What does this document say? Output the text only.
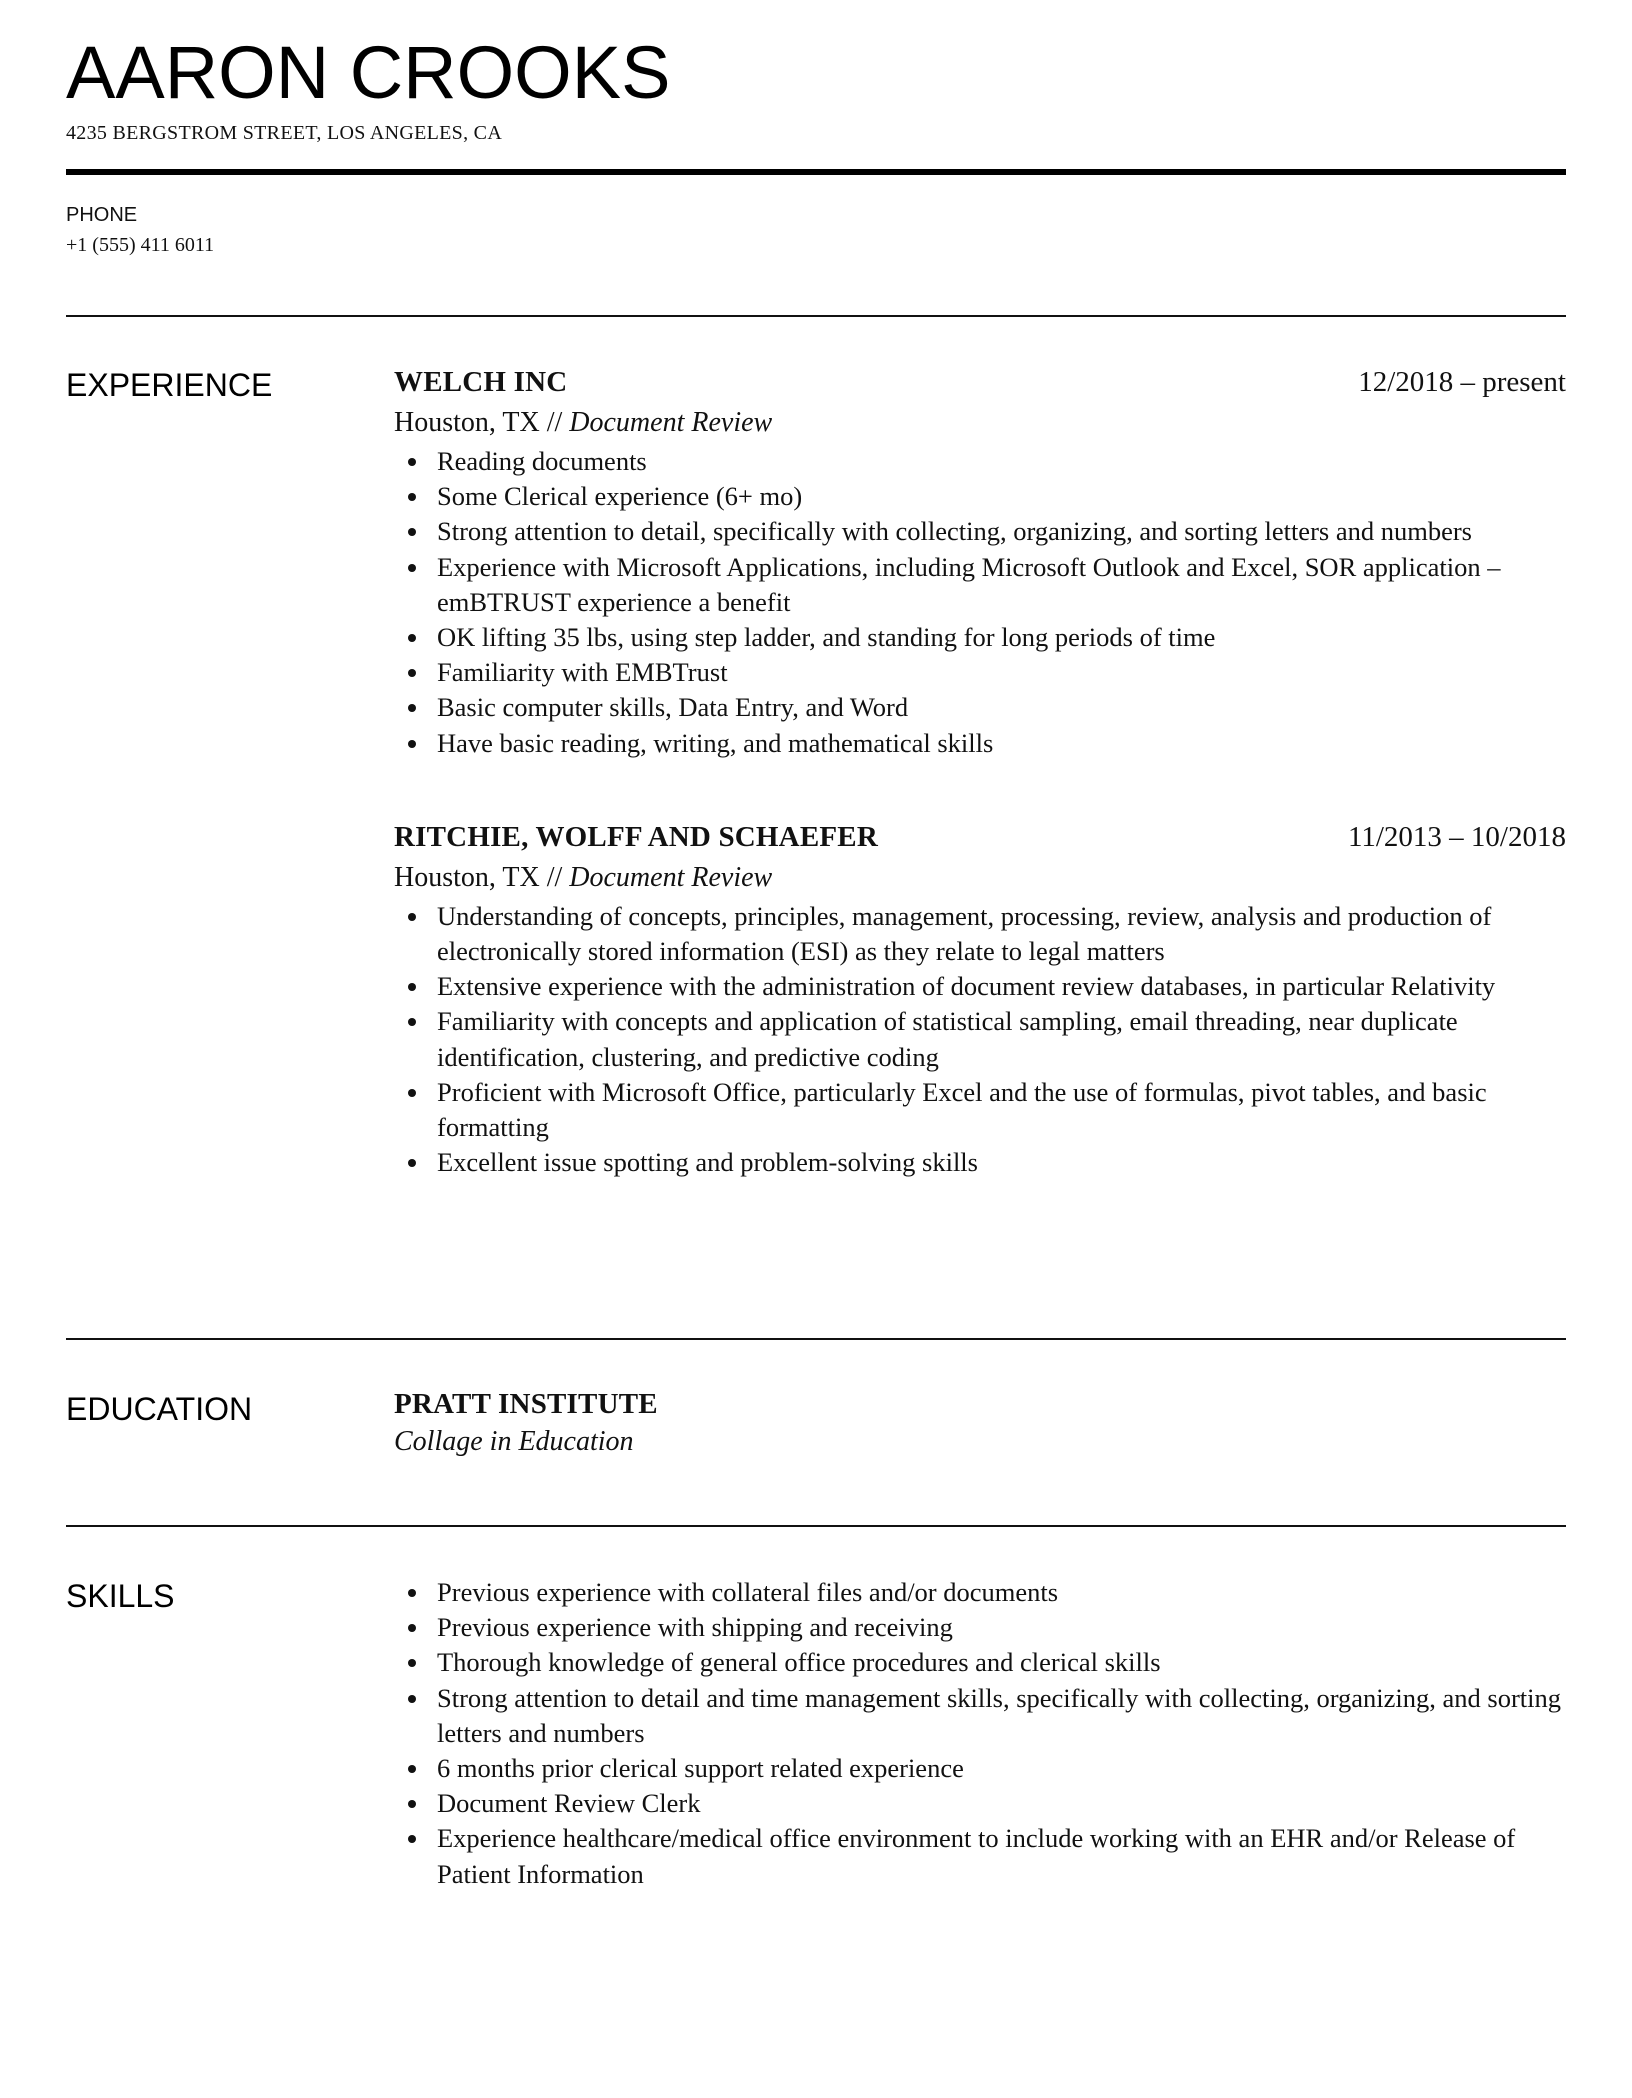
AARON CROOKS
4235 BERGSTROM STREET, LOS ANGELES, CA
PHONE
+1 (555) 411 6011
EXPERIENCE	WELCH INC	12/2018 – present
Houston, TX // Document Review
Reading documents
Some Clerical experience (6+ mo)
Strong attention to detail, specifically with collecting, organizing, and sorting letters and numbers
Experience with Microsoft Applications, including Microsoft Outlook and Excel, SOR application – emBTRUST experience a benefit
OK lifting 35 lbs, using step ladder, and standing for long periods of time
Familiarity with EMBTrust
Basic computer skills, Data Entry, and Word
Have basic reading, writing, and mathematical skills
RITCHIE, WOLFF AND SCHAEFER	11/2013 – 10/2018
Houston, TX // Document Review
Understanding of concepts, principles, management, processing, review, analysis and production of electronically stored information (ESI) as they relate to legal matters
Extensive experience with the administration of document review databases, in particular Relativity
Familiarity with concepts and application of statistical sampling, email threading, near duplicate identification, clustering, and predictive coding
Proficient with Microsoft Office, particularly Excel and the use of formulas, pivot tables, and basic formatting
Excellent issue spotting and problem-solving skills
EDUCATION	PRATT INSTITUTE
Collage in Education
SKILLS	Previous experience with collateral files and/or documents
Previous experience with shipping and receiving
Thorough knowledge of general office procedures and clerical skills
Strong attention to detail and time management skills, specifically with collecting, organizing, and sorting letters and numbers
6 months prior clerical support related experience
Document Review Clerk
Experience healthcare/medical office environment to include working with an EHR and/or Release of Patient Information
